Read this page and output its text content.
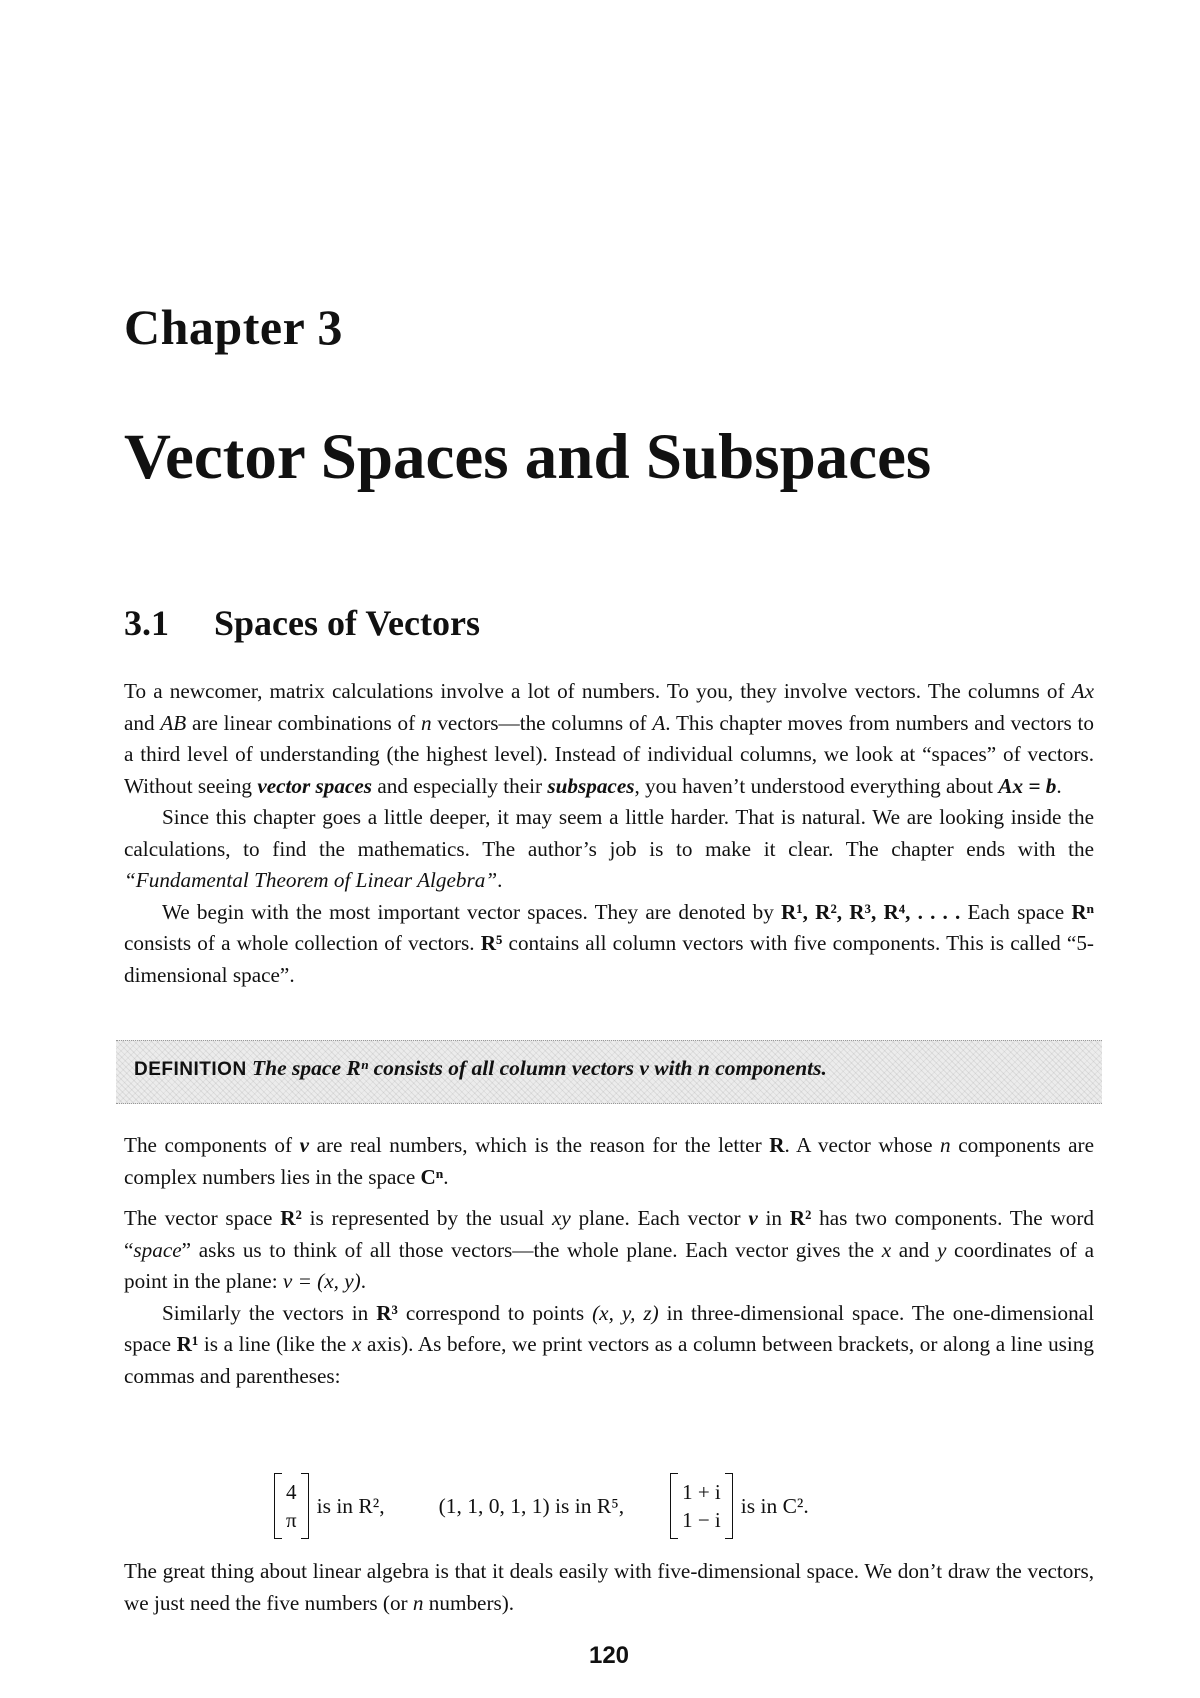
Chapter 3
Vector Spaces and Subspaces
3.1 Spaces of Vectors

To a newcomer, matrix calculations involve a lot of numbers. To you, they involve vectors. The columns of Ax and AB are linear combinations of n vectors—the columns of A. This chapter moves from numbers and vectors to a third level of understanding (the highest level). Instead of individual columns, we look at “spaces” of vectors. Without seeing vector spaces and especially their subspaces, you haven’t understood everything about Ax = b.

Since this chapter goes a little deeper, it may seem a little harder. That is natural. We are looking inside the calculations, to find the mathematics. The author’s job is to make it clear. The chapter ends with the “Fundamental Theorem of Linear Algebra”.

We begin with the most important vector spaces. They are denoted by R¹, R², R³, R⁴, . . . . Each space Rⁿ consists of a whole collection of vectors. R⁵ contains all column vectors with five components. This is called “5-dimensional space”.

DEFINITION The space Rⁿ consists of all column vectors v with n components.

The components of v are real numbers, which is the reason for the letter R. A vector whose n components are complex numbers lies in the space Cⁿ.

The vector space R² is represented by the usual xy plane. Each vector v in R² has two components. The word “space” asks us to think of all those vectors—the whole plane. Each vector gives the x and y coordinates of a point in the plane: v = (x, y).

Similarly the vectors in R³ correspond to points (x, y, z) in three-dimensional space. The one-dimensional space R¹ is a line (like the x axis). As before, we print vectors as a column between brackets, or along a line using commas and parentheses:

4
π
is in R²,	(1, 1, 0, 1, 1) is in R⁵,
1 + i
1 − i
is in C².

The great thing about linear algebra is that it deals easily with five-dimensional space. We don’t draw the vectors, we just need the five numbers (or n numbers).

120
